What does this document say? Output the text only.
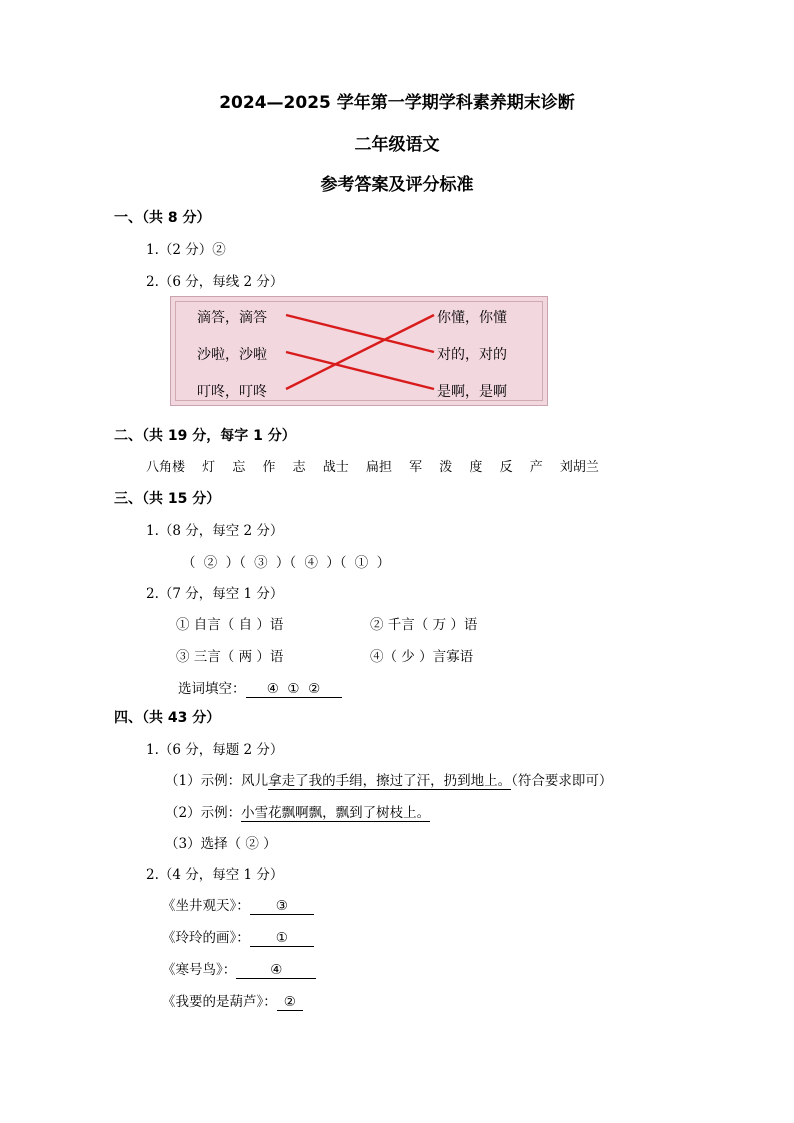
2024—2025 学年第一学期学科素养期末诊断
二年级语文
参考答案及评分标准
一、（共 8 分）
1.（2 分）②
2.（6 分，每线 2 分）
滴答，滴答
沙啦，沙啦
叮咚，叮咚
你懂，你懂
对的，对的
是啊，是啊
二、（共 19 分，每字 1 分）
八角楼 灯 忘 作 志 战士 扁担 军 泼 度 反 产 刘胡兰
三、（共 15 分）
1.（8 分，每空 2 分）
（ ② ）（ ③ ）（ ④ ）（ ① ）
2.（7 分，每空 1 分）
① 自言（ 自 ）语	② 千言（ 万 ）语
③ 三言（ 两 ）语	④（ 少 ）言寡语
选词填空： ④  ①  ②
四、（共 43 分）
1.（6 分，每题 2 分）
（1）示例：风儿拿走了我的手绢，擦过了汗，扔到地上。（符合要求即可）
（2）示例：小雪花飘啊飘，飘到了树枝上。
（3）选择（ ② ）
2.（4 分，每空 1 分）
《坐井观天》： ③
《玲玲的画》： ①
《寒号鸟》：	④
《我要的是葫芦》： ②
